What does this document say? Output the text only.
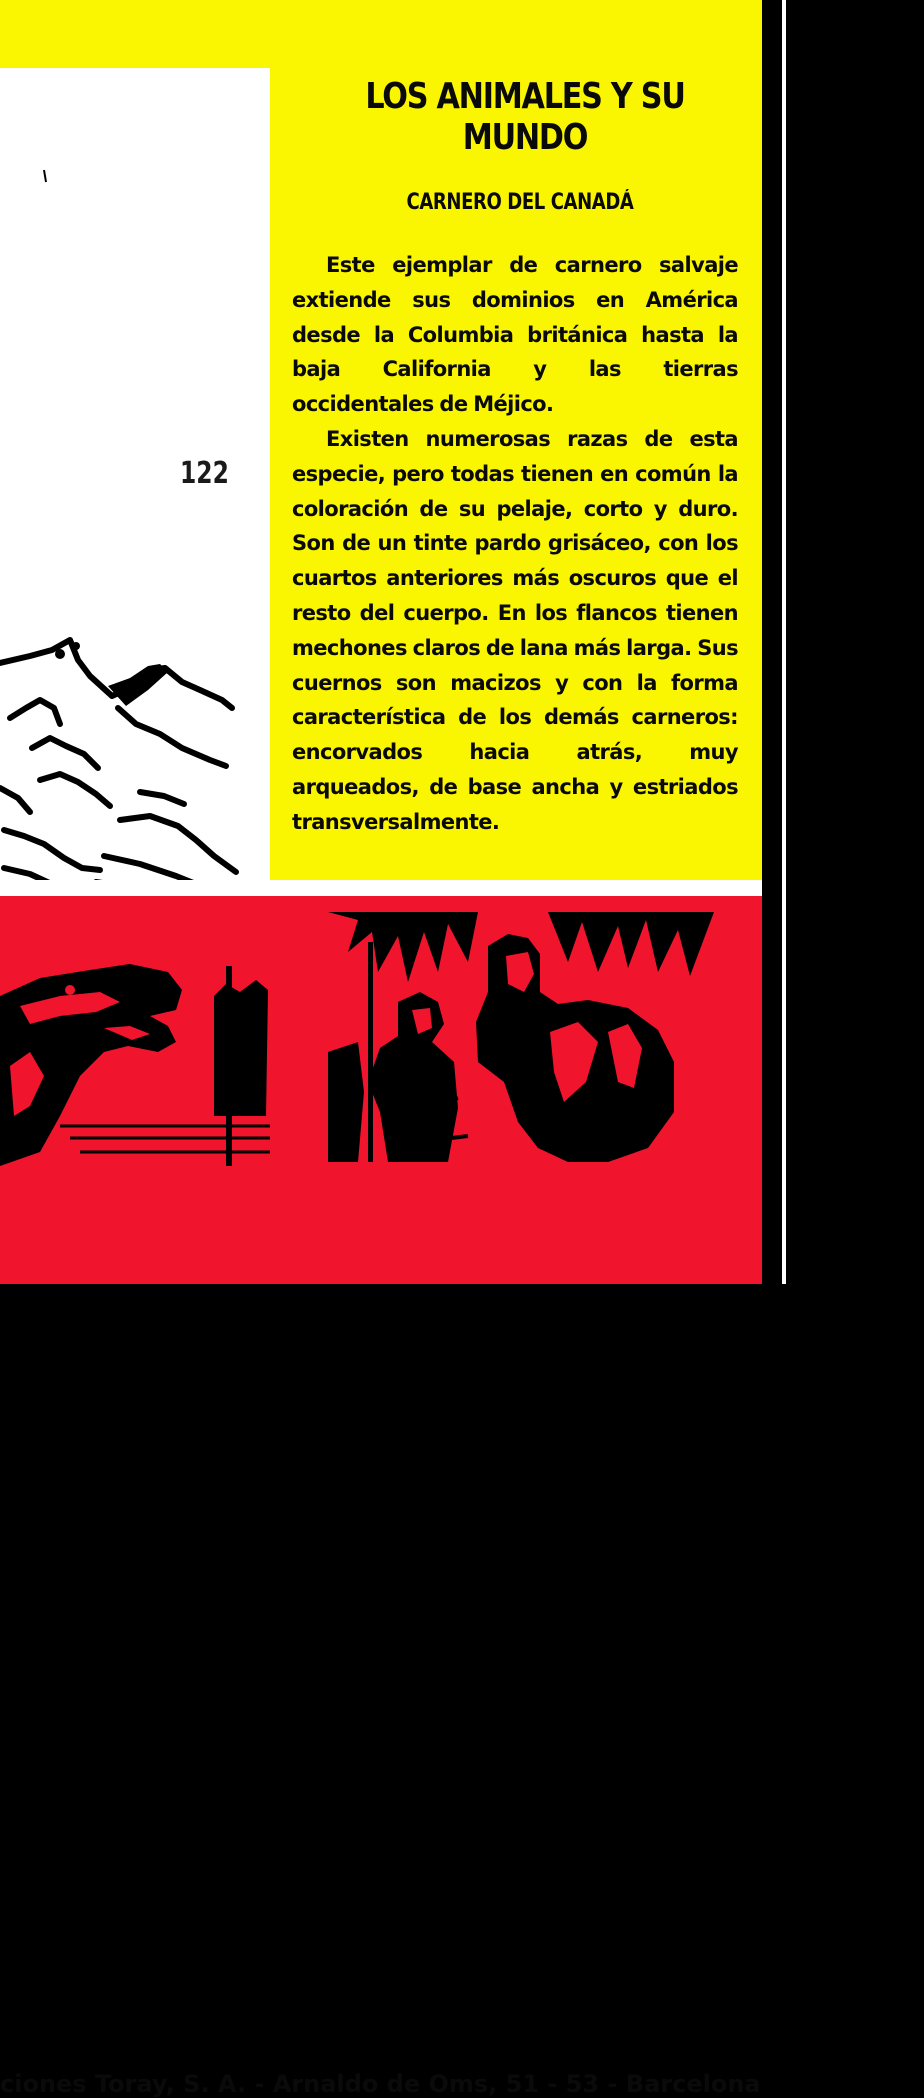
122
ciones Toray, S. A. - Arnaldo de Oms, 51 - 53 - Barcelona
LOS ANIMALES Y SU MUNDO
CARNERO DEL CANADÁ

Este ejemplar de carnero salvaje extiende sus dominios en América desde la Columbia británica hasta la baja California y las tierras occidentales de Méjico.

Existen numerosas razas de esta especie, pero todas tienen en común la coloración de su pelaje, corto y duro. Son de un tinte pardo grisáceo, con los cuartos anteriores más oscuros que el resto del cuerpo. En los flancos tienen mechones claros de lana más larga. Sus cuernos son macizos y con la forma característica de los demás carneros: encorvados hacia atrás, muy arqueados, de base ancha y estriados transversalmente.
